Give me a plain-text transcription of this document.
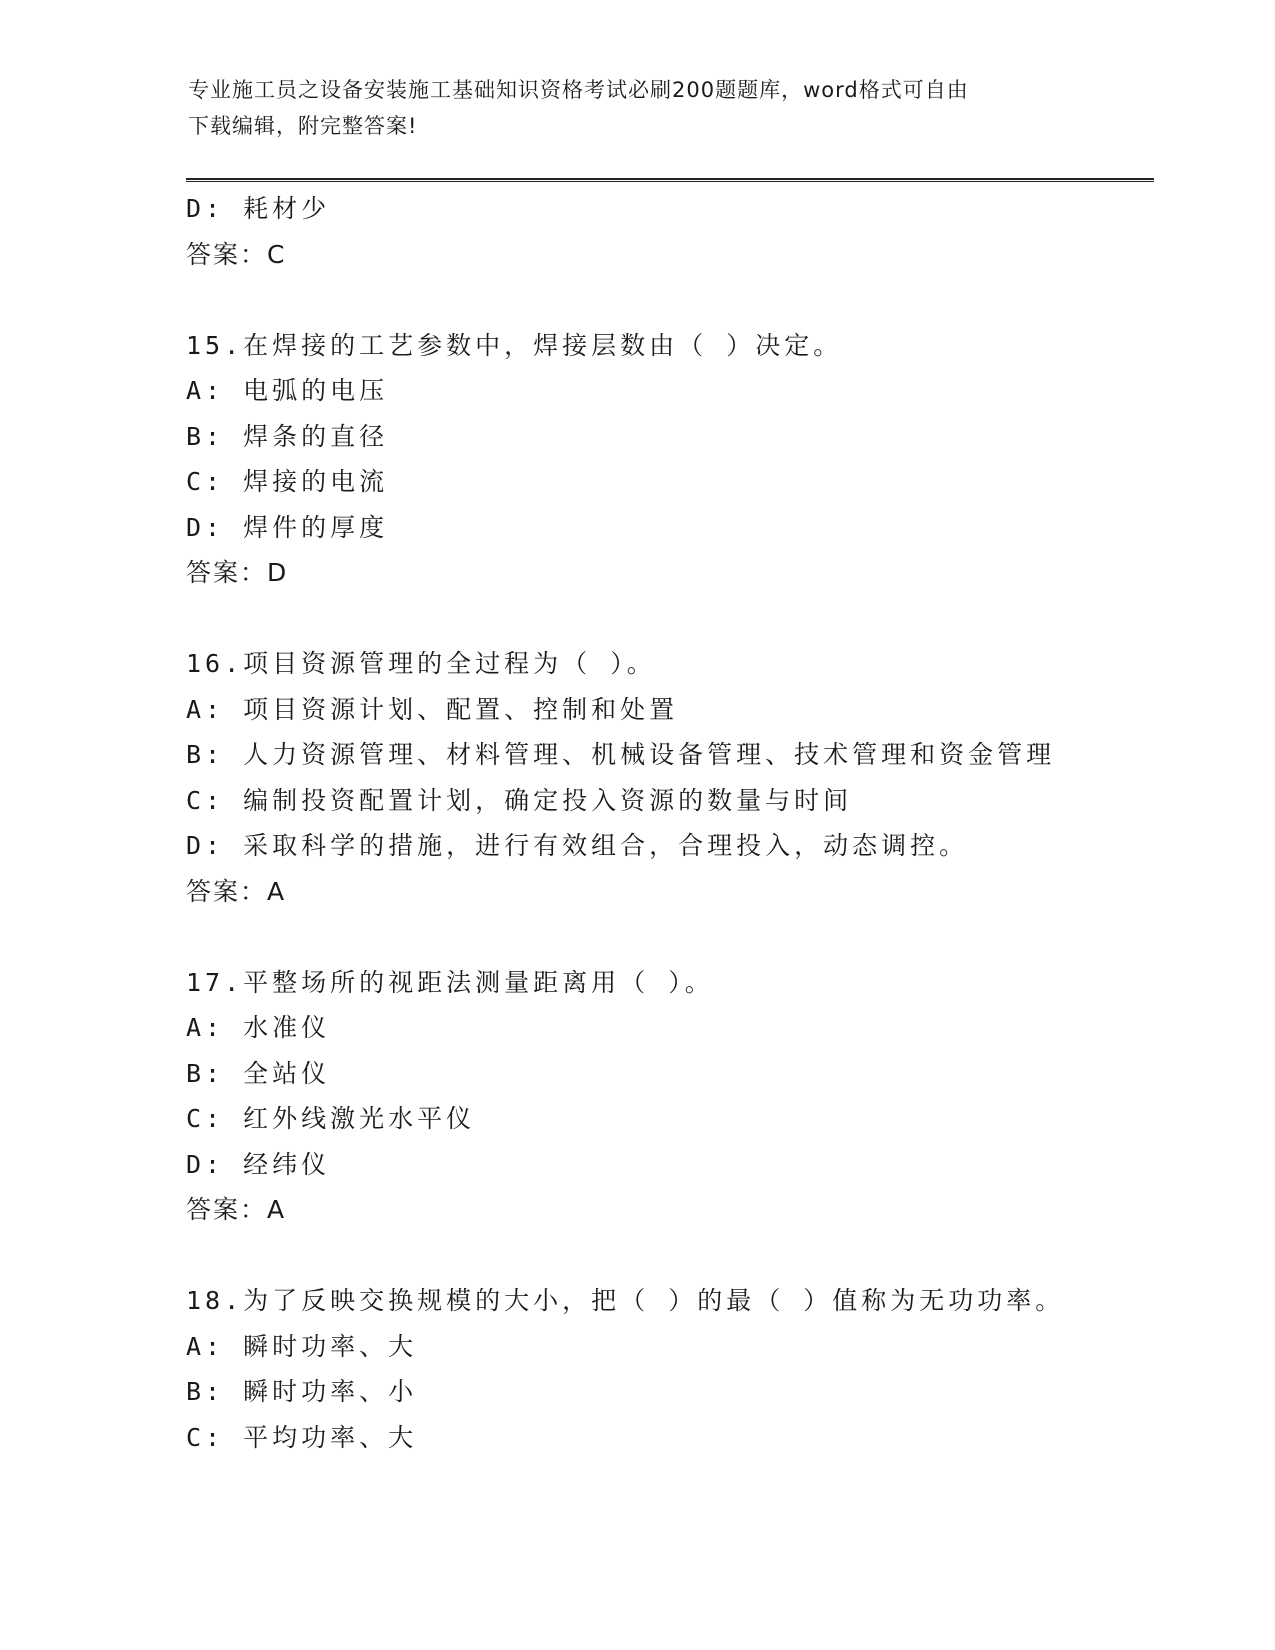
专业施工员之设备安装施工基础知识资格考试必刷200题题库，word格式可自由
下载编辑，附完整答案!
D: 耗材少
答案：C
15.在焊接的工艺参数中，焊接层数由（ ）决定。
A: 电弧的电压
B: 焊条的直径
C: 焊接的电流
D: 焊件的厚度
答案：D
16.项目资源管理的全过程为（ ）。
A: 项目资源计划、配置、控制和处置
B: 人力资源管理、材料管理、机械设备管理、技术管理和资金管理
C: 编制投资配置计划，确定投入资源的数量与时间
D: 采取科学的措施，进行有效组合，合理投入，动态调控。
答案：A
17.平整场所的视距法测量距离用（ ）。
A: 水准仪
B: 全站仪
C: 红外线激光水平仪
D: 经纬仪
答案：A
18.为了反映交换规模的大小，把（ ）的最（ ）值称为无功功率。
A: 瞬时功率、大
B: 瞬时功率、小
C: 平均功率、大
